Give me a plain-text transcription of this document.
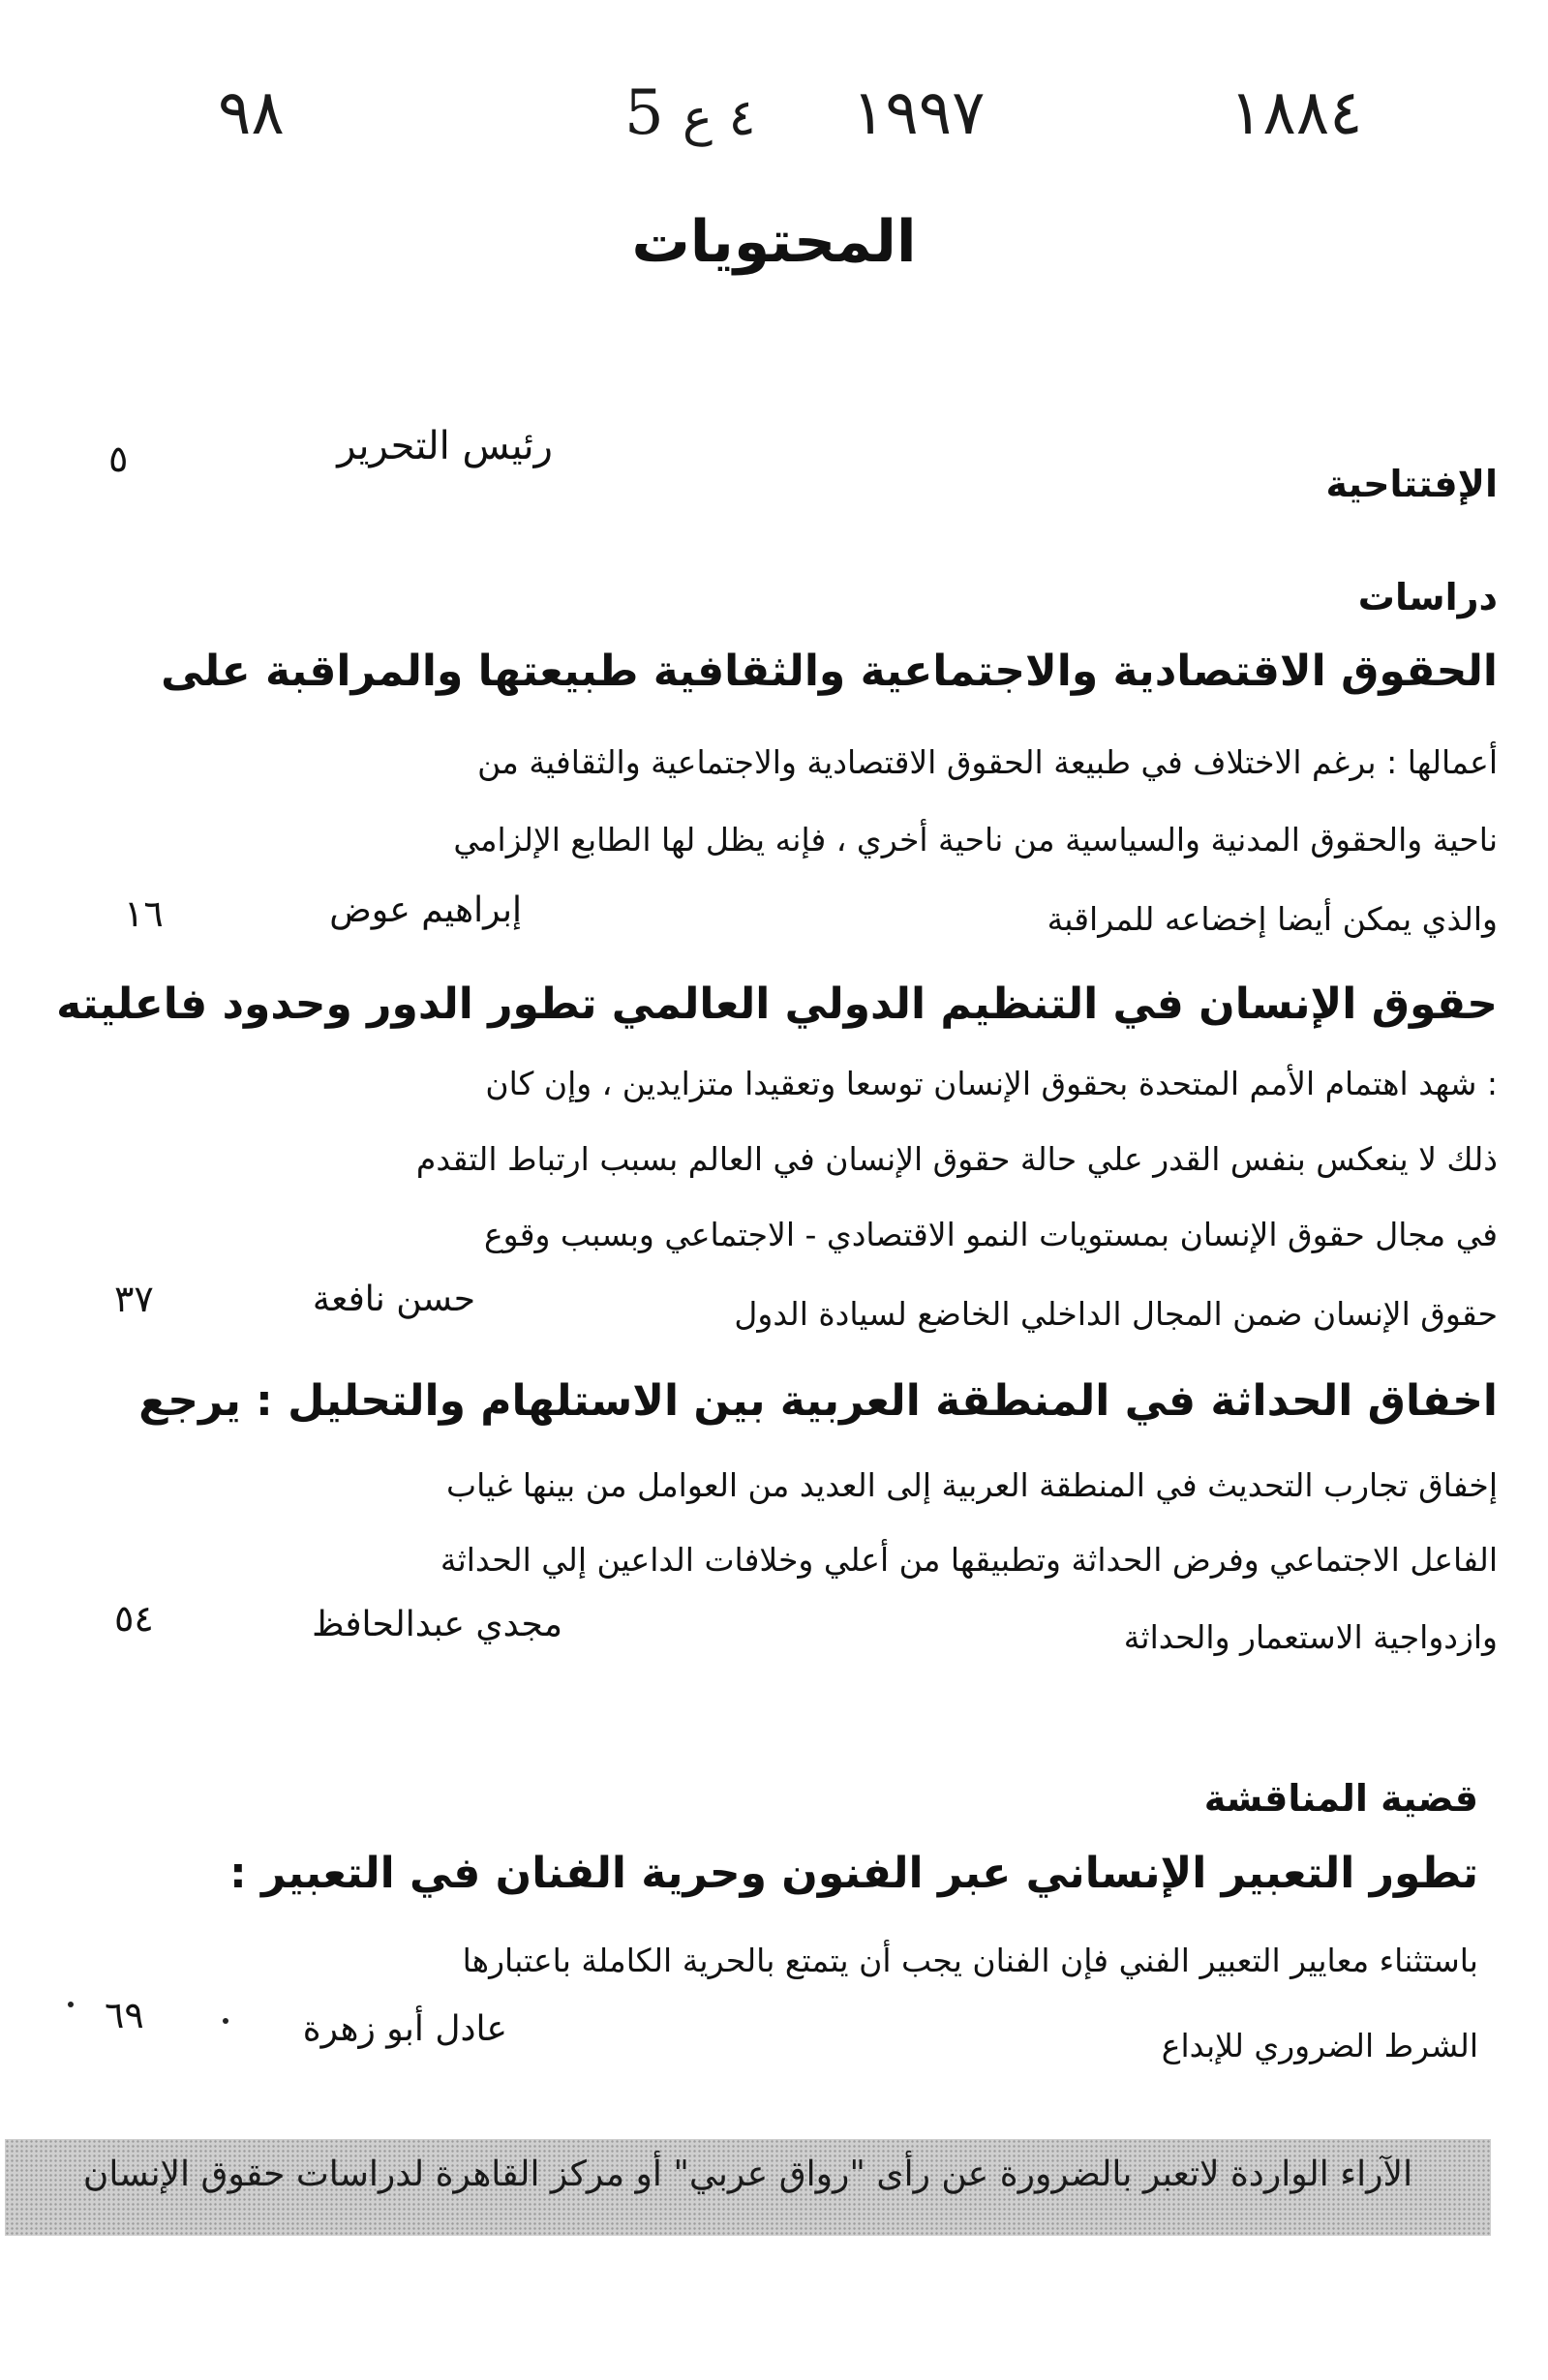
٩٨	5 ٤ ع ١٩٩٧	١٨٨٤
المحتويات
الإفتتاحية
رئيس التحرير
٥
دراسات
الحقوق الاقتصادية والاجتماعية والثقافية طبيعتها والمراقبة على
أعمالها : برغم الاختلاف في طبيعة الحقوق الاقتصادية والاجتماعية والثقافية من
ناحية والحقوق المدنية والسياسية من ناحية أخري ، فإنه يظل لها الطابع الإلزامي
والذي يمكن أيضا إخضاعه للمراقبة
إبراهيم عوض
١٦
حقوق الإنسان في التنظيم الدولي العالمي تطور الدور وحدود فاعليته
: شهد اهتمام الأمم المتحدة بحقوق الإنسان توسعا وتعقيدا متزايدين ، وإن كان
ذلك لا ينعكس بنفس القدر علي حالة حقوق الإنسان في العالم بسبب ارتباط التقدم
في مجال حقوق الإنسان بمستويات النمو الاقتصادي - الاجتماعي وبسبب وقوع
حقوق الإنسان ضمن المجال الداخلي الخاضع لسيادة الدول
حسن نافعة
٣٧
اخفاق الحداثة في المنطقة العربية بين الاستلهام والتحليل : يرجع
إخفاق تجارب التحديث في المنطقة العربية إلى العديد من العوامل من بينها غياب
الفاعل الاجتماعي وفرض الحداثة وتطبيقها من أعلي وخلافات الداعين إلي الحداثة
وازدواجية الاستعمار والحداثة
مجدي عبدالحافظ
٥٤
قضية المناقشة
تطور التعبير الإنساني عبر الفنون وحرية الفنان في التعبير :
باستثناء معايير التعبير الفني فإن الفنان يجب أن يتمتع بالحرية الكاملة باعتبارها
الشرط الضروري للإبداع
عادل أبو زهرة
٦٩
الآراء الواردة لاتعبر بالضرورة عن رأى "رواق عربي" أو مركز القاهرة لدراسات حقوق الإنسان
